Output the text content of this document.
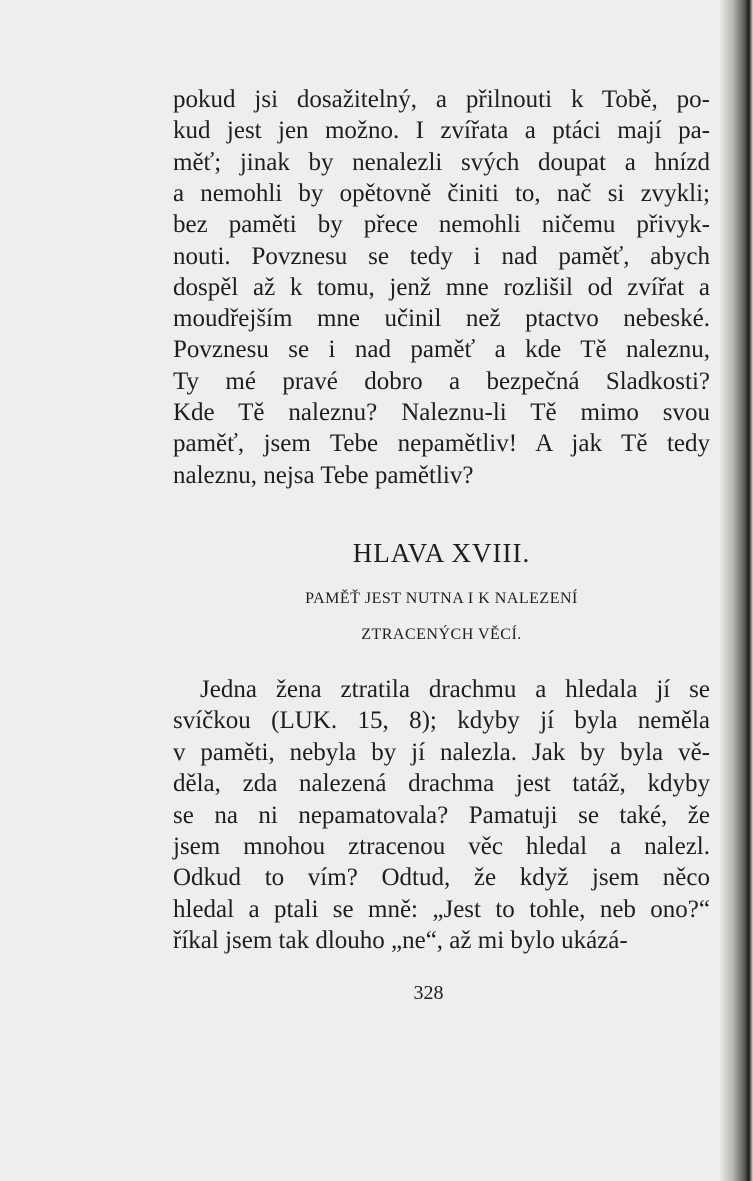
pokud jsi dosažitelný, a přilnouti k Tobě, po-
kud jest jen možno. I zvířata a ptáci mají pa-
měť; jinak by nenalezli svých doupat a hnízd
a nemohli by opětovně činiti to, nač si zvykli;
bez paměti by přece nemohli ničemu přivyk-
nouti. Povznesu se tedy i nad paměť, abych
dospěl až k tomu, jenž mne rozlišil od zvířat a
moudřejším mne učinil než ptactvo nebeské.
Povznesu se i nad paměť a kde Tě naleznu,
Ty mé pravé dobro a bezpečná Sladkosti?
Kde Tě naleznu? Naleznu-li Tě mimo svou
paměť, jsem Tebe nepamětliv! A jak Tě tedy
naleznu, nejsa Tebe pamětliv?
HLAVA XVIII.
PAMĚŤ JEST NUTNA I K NALEZENÍ
ZTRACENÝCH VĚCÍ.
Jedna žena ztratila drachmu a hledala jí se
svíčkou (LUK. 15, 8); kdyby jí byla neměla
v paměti, nebyla by jí nalezla. Jak by byla vě-
děla, zda nalezená drachma jest tatáž, kdyby
se na ni nepamatovala? Pamatuji se také, že
jsem mnohou ztracenou věc hledal a nalezl.
Odkud to vím? Odtud, že když jsem něco
hledal a ptali se mně: „Jest to tohle, neb ono?“
říkal jsem tak dlouho „ne“, až mi bylo ukázá-
328
